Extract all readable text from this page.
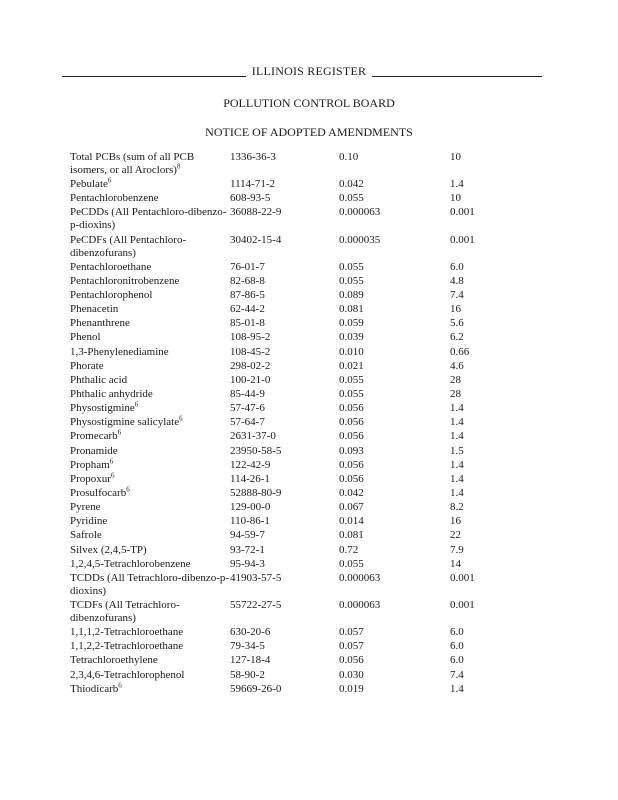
ILLINOIS REGISTER
POLLUTION CONTROL BOARD
NOTICE OF ADOPTED AMENDMENTS
Total PCBs (sum of all PCB isomers, or all Aroclors)$^8$	1336-36-3	0.10	10
Pebulate$^6$	1114-71-2	0.042	1.4
Pentachlorobenzene	608-93-5	0.055	10
PeCDDs (All Pentachloro-dibenzo-p-dioxins)	36088-22-9	0.000063	0.001
PeCDFs (All Pentachloro-dibenzofurans)	30402-15-4	0.000035	0.001
Pentachloroethane	76-01-7	0.055	6.0
Pentachloronitrobenzene	82-68-8	0.055	4.8
Pentachlorophenol	87-86-5	0.089	7.4
Phenacetin	62-44-2	0.081	16
Phenanthrene	85-01-8	0.059	5.6
Phenol	108-95-2	0.039	6.2
1,3-Phenylenediamine	108-45-2	0.010	0.66
Phorate	298-02-2	0.021	4.6
Phthalic acid	100-21-0	0.055	28
Phthalic anhydride	85-44-9	0.055	28
Physostigmine$^6$	57-47-6	0.056	1.4
Physostigmine salicylate$^6$	57-64-7	0.056	1.4
Promecarb$^6$	2631-37-0	0.056	1.4
Pronamide	23950-58-5	0.093	1.5
Propham$^6$	122-42-9	0.056	1.4
Propoxur$^6$	114-26-1	0.056	1.4
Prosulfocarb$^6$	52888-80-9	0.042	1.4
Pyrene	129-00-0	0.067	8.2
Pyridine	110-86-1	0.014	16
Safrole	94-59-7	0.081	22
Silvex (2,4,5-TP)	93-72-1	0.72	7.9
1,2,4,5-Tetrachlorobenzene	95-94-3	0.055	14
TCDDs (All Tetrachloro-dibenzo-p-dioxins)	41903-57-5	0.000063	0.001
TCDFs (All Tetrachloro-dibenzofurans)	55722-27-5	0.000063	0.001
1,1,1,2-Tetrachloroethane	630-20-6	0.057	6.0
1,1,2,2-Tetrachloroethane	79-34-5	0.057	6.0
Tetrachloroethylene	127-18-4	0.056	6.0
2,3,4,6-Tetrachlorophenol	58-90-2	0.030	7.4
Thiodicarb$^6$	59669-26-0	0.019	1.4
